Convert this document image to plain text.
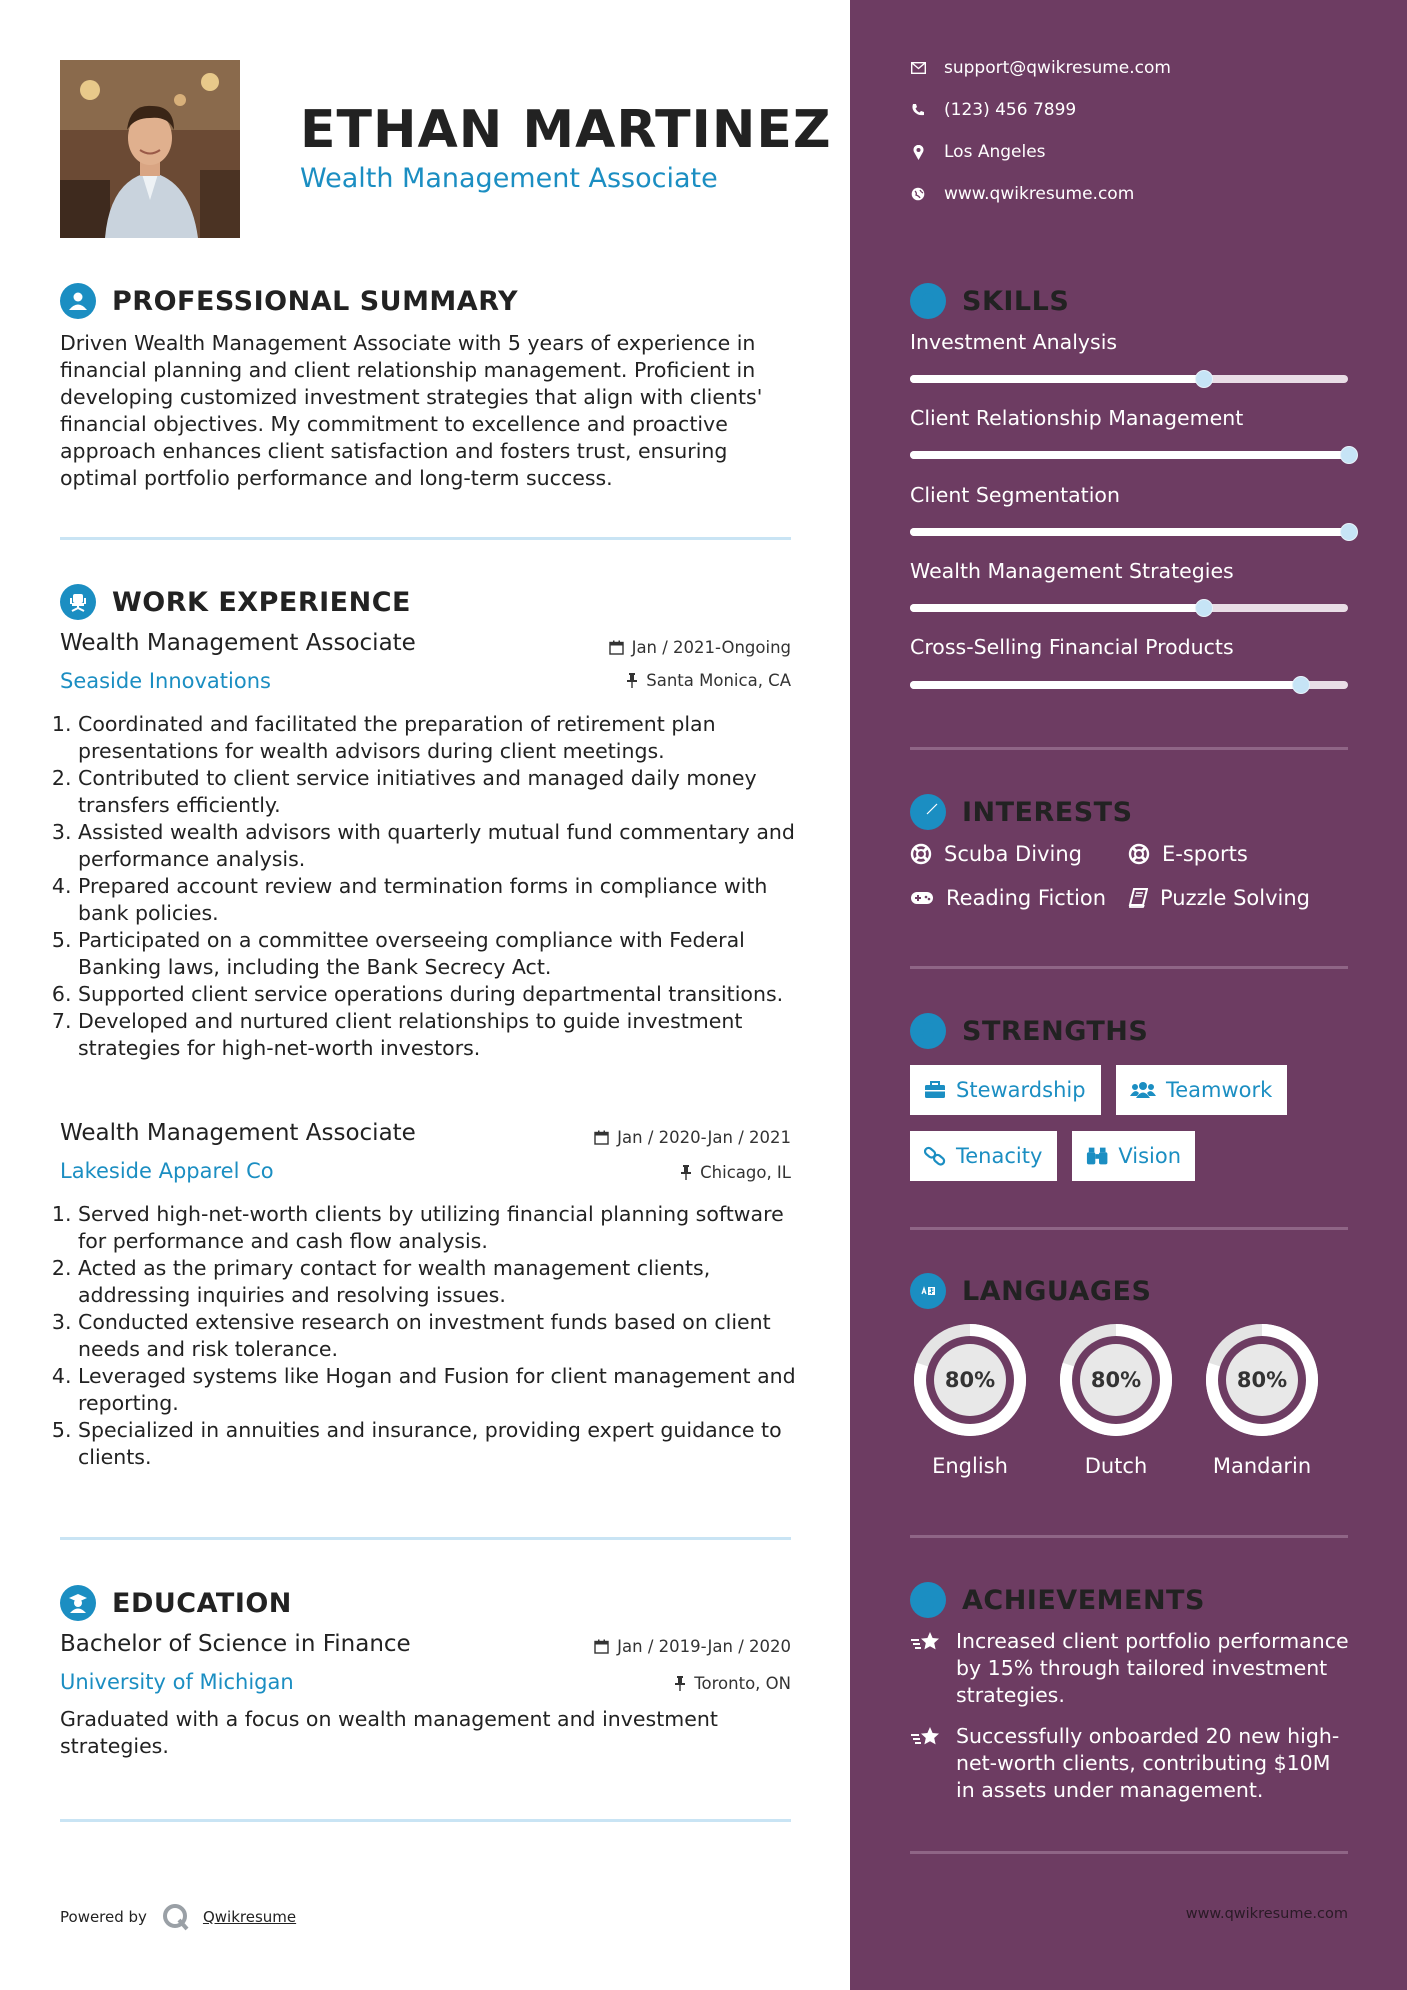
ETHAN MARTINEZ
Wealth Management Associate
PROFESSIONAL SUMMARY
Driven Wealth Management Associate with 5 years of experience in financial planning and client relationship management. Proficient in developing customized investment strategies that align with clients' financial objectives. My commitment to excellence and proactive approach enhances client satisfaction and fosters trust, ensuring optimal portfolio performance and long-term success.
WORK EXPERIENCE
Wealth Management Associate	Jan / 2021-Ongoing
Seaside Innovations	Santa Monica, CA
1. Coordinated and facilitated the preparation of retirement plan presentations for wealth advisors during client meetings.
2. Contributed to client service initiatives and managed daily money transfers efficiently.
3. Assisted wealth advisors with quarterly mutual fund commentary and performance analysis.
4. Prepared account review and termination forms in compliance with bank policies.
5. Participated on a committee overseeing compliance with Federal Banking laws, including the Bank Secrecy Act.
6. Supported client service operations during departmental transitions.
7. Developed and nurtured client relationships to guide investment strategies for high-net-worth investors.
Wealth Management Associate	Jan / 2020-Jan / 2021
Lakeside Apparel Co	Chicago, IL
1. Served high-net-worth clients by utilizing financial planning software for performance and cash flow analysis.
2. Acted as the primary contact for wealth management clients, addressing inquiries and resolving issues.
3. Conducted extensive research on investment funds based on client needs and risk tolerance.
4. Leveraged systems like Hogan and Fusion for client management and reporting.
5. Specialized in annuities and insurance, providing expert guidance to clients.
EDUCATION
Bachelor of Science in Finance	Jan / 2019-Jan / 2020
University of Michigan	Toronto, ON
Graduated with a focus on wealth management and investment strategies.
Powered by	Qwikresume
support@qwikresume.com
(123) 456 7899
Los Angeles
www.qwikresume.com
SKILLS
Investment Analysis
Client Relationship Management
Client Segmentation
Wealth Management Strategies
Cross-Selling Financial Products
INTERESTS
Scuba Diving	E-sports
Reading Fiction	Puzzle Solving
STRENGTHS
Stewardship	Teamwork
Tenacity	Vision
LANGUAGES
80%
English
80%
Dutch
80%
Mandarin
ACHIEVEMENTS
Increased client portfolio performance by 15% through tailored investment strategies.
Successfully onboarded 20 new high-net-worth clients, contributing $10M in assets under management.
www.qwikresume.com
